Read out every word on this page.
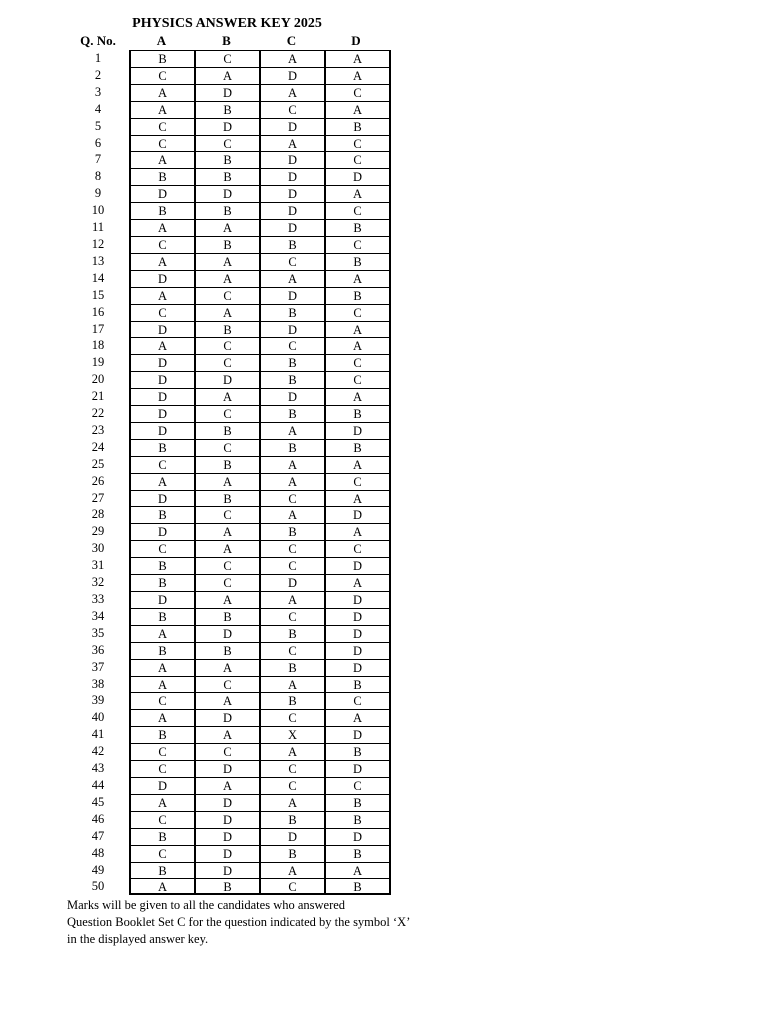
PHYSICS ANSWER KEY 2025
Q. No.	A	B	C	D
1	B	C	A	A
2	C	A	D	A
3	A	D	A	C
4	A	B	C	A
5	C	D	D	B
6	C	C	A	C
7	A	B	D	C
8	B	B	D	D
9	D	D	D	A
10	B	B	D	C
11	A	A	D	B
12	C	B	B	C
13	A	A	C	B
14	D	A	A	A
15	A	C	D	B
16	C	A	B	C
17	D	B	D	A
18	A	C	C	A
19	D	C	B	C
20	D	D	B	C
21	D	A	D	A
22	D	C	B	B
23	D	B	A	D
24	B	C	B	B
25	C	B	A	A
26	A	A	A	C
27	D	B	C	A
28	B	C	A	D
29	D	A	B	A
30	C	A	C	C
31	B	C	C	D
32	B	C	D	A
33	D	A	A	D
34	B	B	C	D
35	A	D	B	D
36	B	B	C	D
37	A	A	B	D
38	A	C	A	B
39	C	A	B	C
40	A	D	C	A
41	B	A	X	D
42	C	C	A	B
43	C	D	C	D
44	D	A	C	C
45	A	D	A	B
46	C	D	B	B
47	B	D	D	D
48	C	D	B	B
49	B	D	A	A
50	A	B	C	B
Marks will be given to all the candidates who answered
Question Booklet Set C for the question indicated by the symbol ‘X’
in the displayed answer key.
